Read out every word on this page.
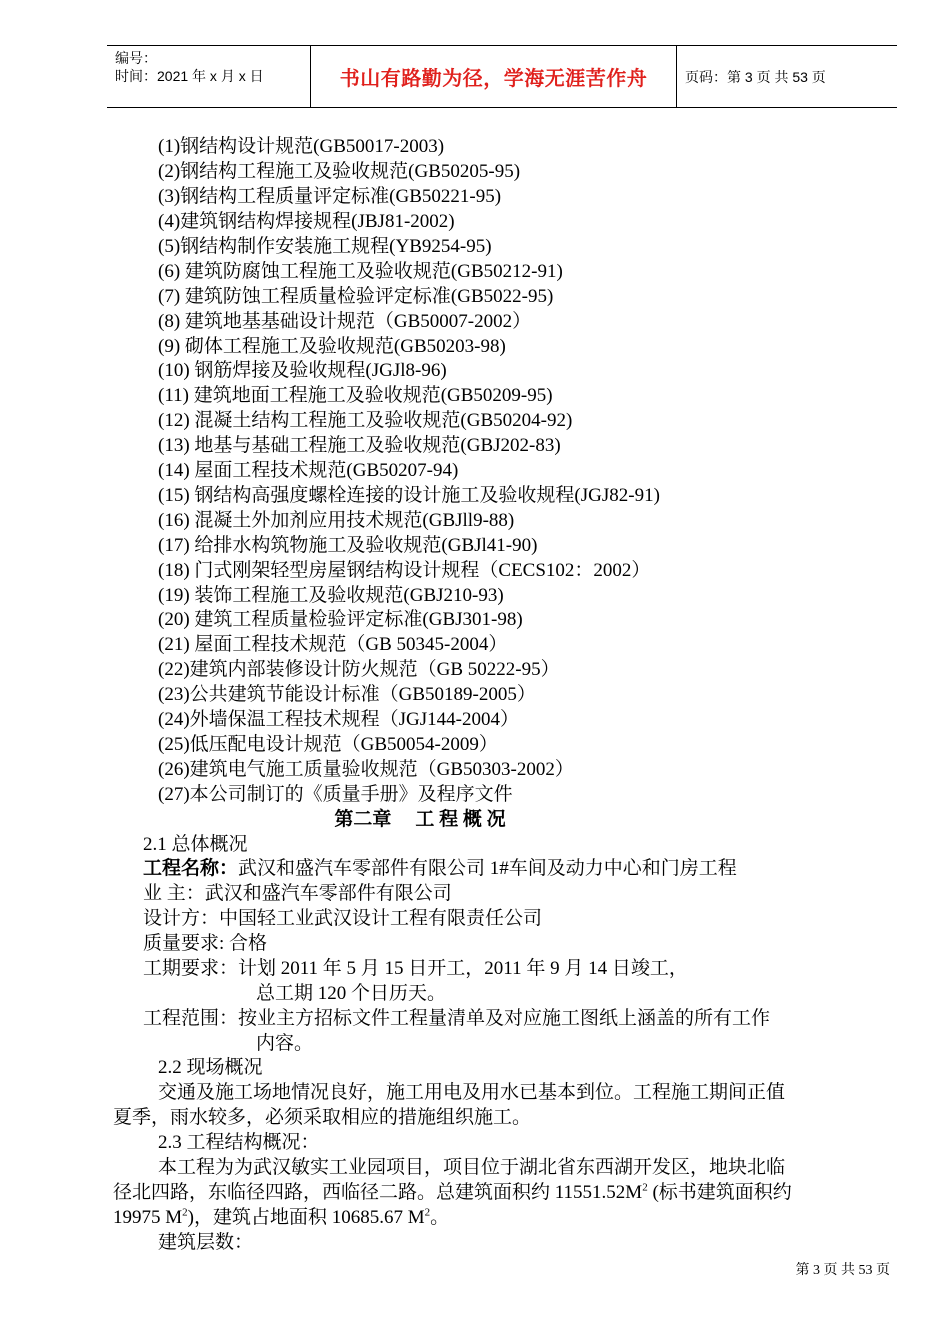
编号：
时间：2021 年 x 月 x 日	书山有路勤为径，学海无涯苦作舟	页码：第 3 页 共 53 页
(1)钢结构设计规范(GB50017-2003)
(2)钢结构工程施工及验收规范(GB50205-95)
(3)钢结构工程质量评定标准(GB50221-95)
(4)建筑钢结构焊接规程(JBJ81-2002)
(5)钢结构制作安装施工规程(YB9254-95)
(6) 建筑防腐蚀工程施工及验收规范(GB50212-91)
(7) 建筑防蚀工程质量检验评定标准(GB5022-95)
(8) 建筑地基基础设计规范（GB50007-2002）
(9) 砌体工程施工及验收规范(GB50203-98)
(10) 钢筋焊接及验收规程(JGJl8-96)
(11) 建筑地面工程施工及验收规范(GB50209-95)
(12) 混凝土结构工程施工及验收规范(GB50204-92)
(13) 地基与基础工程施工及验收规范(GBJ202-83)
(14) 屋面工程技术规范(GB50207-94)
(15) 钢结构高强度螺栓连接的设计施工及验收规程(JGJ82-91)
(16) 混凝土外加剂应用技术规范(GBJll9-88)
(17) 给排水构筑物施工及验收规范(GBJl41-90)
(18) 门式刚架轻型房屋钢结构设计规程（CECS102：2002）
(19) 装饰工程施工及验收规范(GBJ210-93)
(20) 建筑工程质量检验评定标准(GBJ301-98)
(21) 屋面工程技术规范（GB 50345-2004）
(22)建筑内部装修设计防火规范（GB 50222-95）
(23)公共建筑节能设计标准（GB50189-2005）
(24)外墙保温工程技术规程（JGJ144-2004）
(25)低压配电设计规范（GB50054-2009）
(26)建筑电气施工质量验收规范（GB50303-2002）
(27)本公司制订的《质量手册》及程序文件
第二章 工 程 概 况
2.1 总体概况
工程名称：武汉和盛汽车零部件有限公司 1#车间及动力中心和门房工程
业 主：武汉和盛汽车零部件有限公司
设计方：中国轻工业武汉设计工程有限责任公司
质量要求: 合格
工期要求：计划 2011 年 5 月 15 日开工，2011 年 9 月 14 日竣工，
总工期 120 个日历天。
工程范围：按业主方招标文件工程量清单及对应施工图纸上涵盖的所有工作
内容。
2.2 现场概况
交通及施工场地情况良好，施工用电及用水已基本到位。工程施工期间正值
夏季，雨水较多，必须采取相应的措施组织施工。
2.3 工程结构概况：
本工程为为武汉敏实工业园项目，项目位于湖北省东西湖开发区，地块北临
径北四路，东临径四路，西临径二路。总建筑面积约 $11551.52M^2$ (标书建筑面积约
19975 $M^2$)，建筑占地面积 10685.67 $M^2$。
建筑层数：
第 3 页 共 53 页
